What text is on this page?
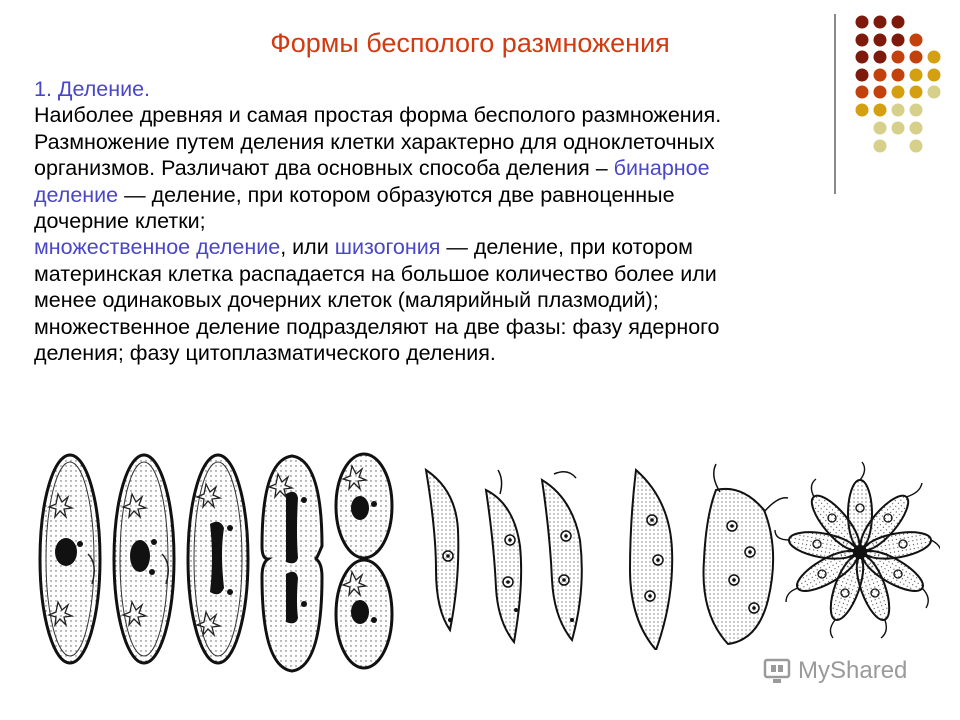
Формы бесполого размножения

1. Деление.

Наиболее древняя и самая простая форма бесполого размножения.

Размножение путем деления клетки характерно для одноклеточных

организмов. Различают два основных способа деления – бинарное

деление — деление, при котором образуются две равноценные

дочерние клетки;

множественное деление, или шизогония — деление, при котором

материнская клетка распадается на большое количество более или

менее одинаковых дочерних клеток (малярийный плазмодий);

множественное деление подразделяют на две фазы: фазу ядерного

деления; фазу цитоплазматического деления.

MyShared
